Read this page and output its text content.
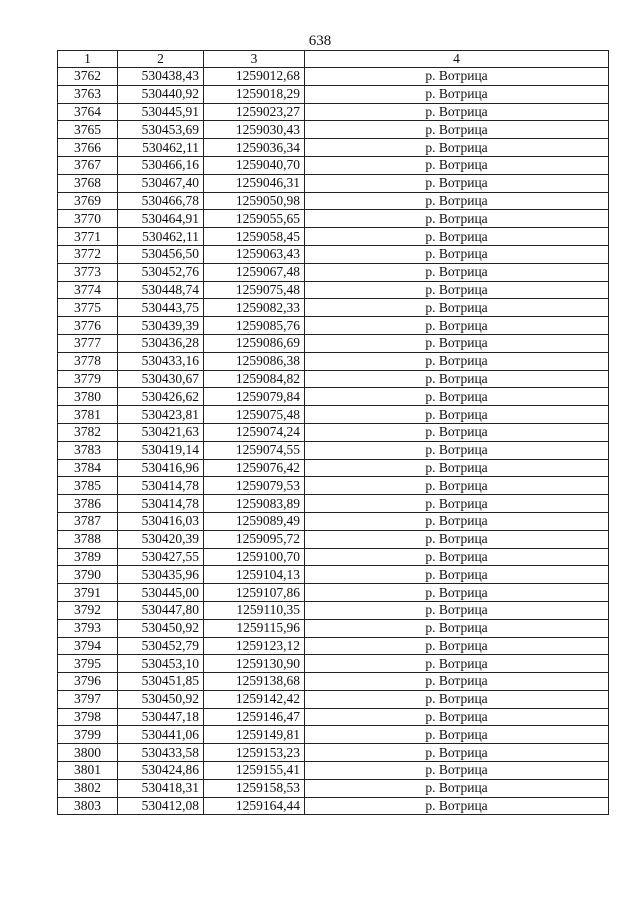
638
1	2	3	4
3762	530438,43	1259012,68	р. Вотрица
3763	530440,92	1259018,29	р. Вотрица
3764	530445,91	1259023,27	р. Вотрица
3765	530453,69	1259030,43	р. Вотрица
3766	530462,11	1259036,34	р. Вотрица
3767	530466,16	1259040,70	р. Вотрица
3768	530467,40	1259046,31	р. Вотрица
3769	530466,78	1259050,98	р. Вотрица
3770	530464,91	1259055,65	р. Вотрица
3771	530462,11	1259058,45	р. Вотрица
3772	530456,50	1259063,43	р. Вотрица
3773	530452,76	1259067,48	р. Вотрица
3774	530448,74	1259075,48	р. Вотрица
3775	530443,75	1259082,33	р. Вотрица
3776	530439,39	1259085,76	р. Вотрица
3777	530436,28	1259086,69	р. Вотрица
3778	530433,16	1259086,38	р. Вотрица
3779	530430,67	1259084,82	р. Вотрица
3780	530426,62	1259079,84	р. Вотрица
3781	530423,81	1259075,48	р. Вотрица
3782	530421,63	1259074,24	р. Вотрица
3783	530419,14	1259074,55	р. Вотрица
3784	530416,96	1259076,42	р. Вотрица
3785	530414,78	1259079,53	р. Вотрица
3786	530414,78	1259083,89	р. Вотрица
3787	530416,03	1259089,49	р. Вотрица
3788	530420,39	1259095,72	р. Вотрица
3789	530427,55	1259100,70	р. Вотрица
3790	530435,96	1259104,13	р. Вотрица
3791	530445,00	1259107,86	р. Вотрица
3792	530447,80	1259110,35	р. Вотрица
3793	530450,92	1259115,96	р. Вотрица
3794	530452,79	1259123,12	р. Вотрица
3795	530453,10	1259130,90	р. Вотрица
3796	530451,85	1259138,68	р. Вотрица
3797	530450,92	1259142,42	р. Вотрица
3798	530447,18	1259146,47	р. Вотрица
3799	530441,06	1259149,81	р. Вотрица
3800	530433,58	1259153,23	р. Вотрица
3801	530424,86	1259155,41	р. Вотрица
3802	530418,31	1259158,53	р. Вотрица
3803	530412,08	1259164,44	р. Вотрица
